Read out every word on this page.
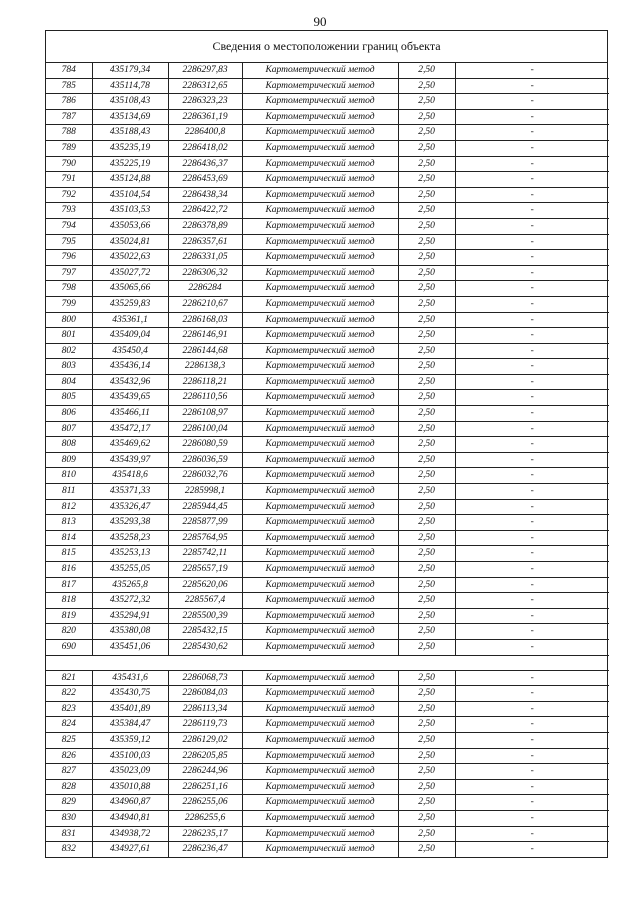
90
Сведения о местоположении границ объекта
784	435179,34	2286297,83	Картометрический метод	2,50	-
785	435114,78	2286312,65	Картометрический метод	2,50	-
786	435108,43	2286323,23	Картометрический метод	2,50	-
787	435134,69	2286361,19	Картометрический метод	2,50	-
788	435188,43	2286400,8	Картометрический метод	2,50	-
789	435235,19	2286418,02	Картометрический метод	2,50	-
790	435225,19	2286436,37	Картометрический метод	2,50	-
791	435124,88	2286453,69	Картометрический метод	2,50	-
792	435104,54	2286438,34	Картометрический метод	2,50	-
793	435103,53	2286422,72	Картометрический метод	2,50	-
794	435053,66	2286378,89	Картометрический метод	2,50	-
795	435024,81	2286357,61	Картометрический метод	2,50	-
796	435022,63	2286331,05	Картометрический метод	2,50	-
797	435027,72	2286306,32	Картометрический метод	2,50	-
798	435065,66	2286284	Картометрический метод	2,50	-
799	435259,83	2286210,67	Картометрический метод	2,50	-
800	435361,1	2286168,03	Картометрический метод	2,50	-
801	435409,04	2286146,91	Картометрический метод	2,50	-
802	435450,4	2286144,68	Картометрический метод	2,50	-
803	435436,14	2286138,3	Картометрический метод	2,50	-
804	435432,96	2286118,21	Картометрический метод	2,50	-
805	435439,65	2286110,56	Картометрический метод	2,50	-
806	435466,11	2286108,97	Картометрический метод	2,50	-
807	435472,17	2286100,04	Картометрический метод	2,50	-
808	435469,62	2286080,59	Картометрический метод	2,50	-
809	435439,97	2286036,59	Картометрический метод	2,50	-
810	435418,6	2286032,76	Картометрический метод	2,50	-
811	435371,33	2285998,1	Картометрический метод	2,50	-
812	435326,47	2285944,45	Картометрический метод	2,50	-
813	435293,38	2285877,99	Картометрический метод	2,50	-
814	435258,23	2285764,95	Картометрический метод	2,50	-
815	435253,13	2285742,11	Картометрический метод	2,50	-
816	435255,05	2285657,19	Картометрический метод	2,50	-
817	435265,8	2285620,06	Картометрический метод	2,50	-
818	435272,32	2285567,4	Картометрический метод	2,50	-
819	435294,91	2285500,39	Картометрический метод	2,50	-
820	435380,08	2285432,15	Картометрический метод	2,50	-
690	435451,06	2285430,62	Картометрический метод	2,50	-

821	435431,6	2286068,73	Картометрический метод	2,50	-
822	435430,75	2286084,03	Картометрический метод	2,50	-
823	435401,89	2286113,34	Картометрический метод	2,50	-
824	435384,47	2286119,73	Картометрический метод	2,50	-
825	435359,12	2286129,02	Картометрический метод	2,50	-
826	435100,03	2286205,85	Картометрический метод	2,50	-
827	435023,09	2286244,96	Картометрический метод	2,50	-
828	435010,88	2286251,16	Картометрический метод	2,50	-
829	434960,87	2286255,06	Картометрический метод	2,50	-
830	434940,81	2286255,6	Картометрический метод	2,50	-
831	434938,72	2286235,17	Картометрический метод	2,50	-
832	434927,61	2286236,47	Картометрический метод	2,50	-
